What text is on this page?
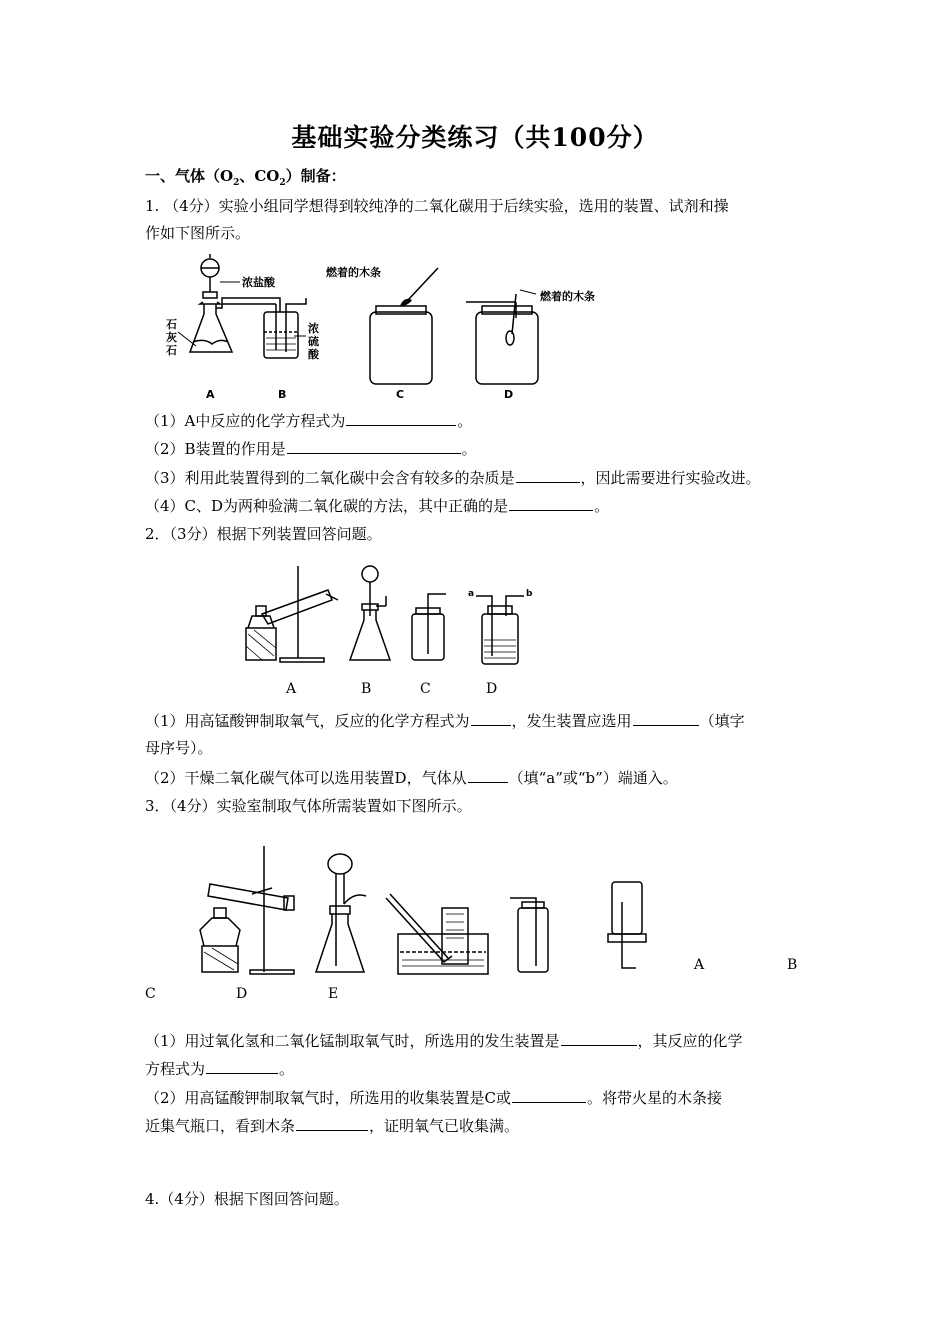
基础实验分类练习（共100分）
一、气体（$O_2$、$CO_2$）制备：
1. （4分）实验小组同学想得到较纯净的二氧化碳用于后续实验，选用的装置、试剂和操
作如下图所示。
浓盐酸
石
灰
石
浓
硫
酸
燃着的木条
燃着的木条
A	B	C	D
（1）A中反应的化学方程式为	。
（2）B装置的作用是	。
（3）利用此装置得到的二氧化碳中会含有较多的杂质是	，因此需要进行实验改进。
（4）C、D为两种验满二氧化碳的方法，其中正确的是	。
2．（3分）根据下列装置回答问题。
a	b
A	B	C	D
（1）用高锰酸钾制取氧气，反应的化学方程式为	，发生装置应选用	（填字
母序号）。
（2）干燥二氧化碳气体可以选用装置D，气体从	（填“a”或“b”）端通入。
3．（4分）实验室制取气体所需装置如下图所示。
A	B
C	D	E
（1）用过氧化氢和二氧化锰制取氧气时，所选用的发生装置是	，其反应的化学
方程式为	。
（2）用高锰酸钾制取氧气时，所选用的收集装置是C或	。将带火星的木条接
近集气瓶口，看到木条	，证明氧气已收集满。
4.（4分）根据下图回答问题。
